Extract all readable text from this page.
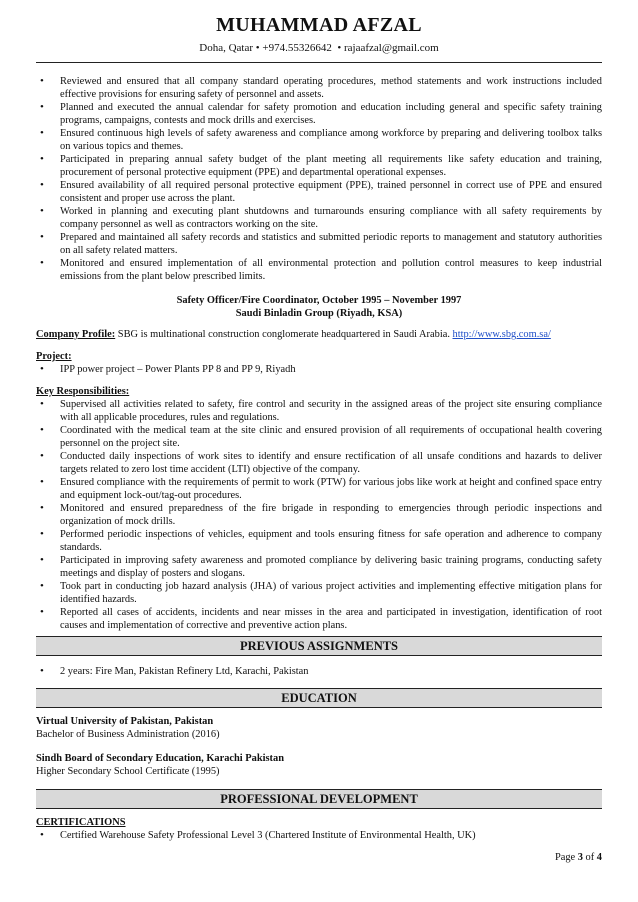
MUHAMMAD AFZAL
Doha, Qatar • +974.55326642 • rajaafzal@gmail.com
• Reviewed and ensured that all company standard operating procedures, method statements and work instructions included effective provisions for ensuring safety of personnel and assets.
• Planned and executed the annual calendar for safety promotion and education including general and specific safety training programs, campaigns, contests and mock drills and exercises.
• Ensured continuous high levels of safety awareness and compliance among workforce by preparing and delivering toolbox talks on various topics and themes.
• Participated in preparing annual safety budget of the plant meeting all requirements like safety education and training, procurement of personal protective equipment (PPE) and departmental operational expenses.
• Ensured availability of all required personal protective equipment (PPE), trained personnel in correct use of PPE and ensured consistent and proper use across the plant.
• Worked in planning and executing plant shutdowns and turnarounds ensuring compliance with all safety requirements by company personnel as well as contractors working on the site.
• Prepared and maintained all safety records and statistics and submitted periodic reports to management and statutory authorities on all safety related matters.
• Monitored and ensured implementation of all environmental protection and pollution control measures to keep industrial emissions from the plant below prescribed limits.
Safety Officer/Fire Coordinator, October 1995 – November 1997
Saudi Binladin Group (Riyadh, KSA)
Company Profile: SBG is multinational construction conglomerate headquartered in Saudi Arabia. http://www.sbg.com.sa/
Project:
• IPP power project – Power Plants PP 8 and PP 9, Riyadh
Key Responsibilities:
• Supervised all activities related to safety, fire control and security in the assigned areas of the project site ensuring compliance with all applicable procedures, rules and regulations.
• Coordinated with the medical team at the site clinic and ensured provision of all requirements of occupational health covering personnel on the project site.
• Conducted daily inspections of work sites to identify and ensure rectification of all unsafe conditions and hazards to deliver targets related to zero lost time accident (LTI) objective of the company.
• Ensured compliance with the requirements of permit to work (PTW) for various jobs like work at height and confined space entry and equipment lock-out/tag-out procedures.
• Monitored and ensured preparedness of the fire brigade in responding to emergencies through periodic inspections and organization of mock drills.
• Performed periodic inspections of vehicles, equipment and tools ensuring fitness for safe operation and adherence to company standards.
• Participated in improving safety awareness and promoted compliance by delivering basic training programs, conducting safety meetings and display of posters and slogans.
• Took part in conducting job hazard analysis (JHA) of various project activities and implementing effective mitigation plans for identified hazards.
• Reported all cases of accidents, incidents and near misses in the area and participated in investigation, identification of root causes and implementation of corrective and preventive action plans.
PREVIOUS ASSIGNMENTS
• 2 years: Fire Man, Pakistan Refinery Ltd, Karachi, Pakistan
EDUCATION
Virtual University of Pakistan, Pakistan
Bachelor of Business Administration (2016)
Sindh Board of Secondary Education, Karachi Pakistan
Higher Secondary School Certificate (1995)
PROFESSIONAL DEVELOPMENT
CERTIFICATIONS
• Certified Warehouse Safety Professional Level 3 (Chartered Institute of Environmental Health, UK)
Page 3 of 4
